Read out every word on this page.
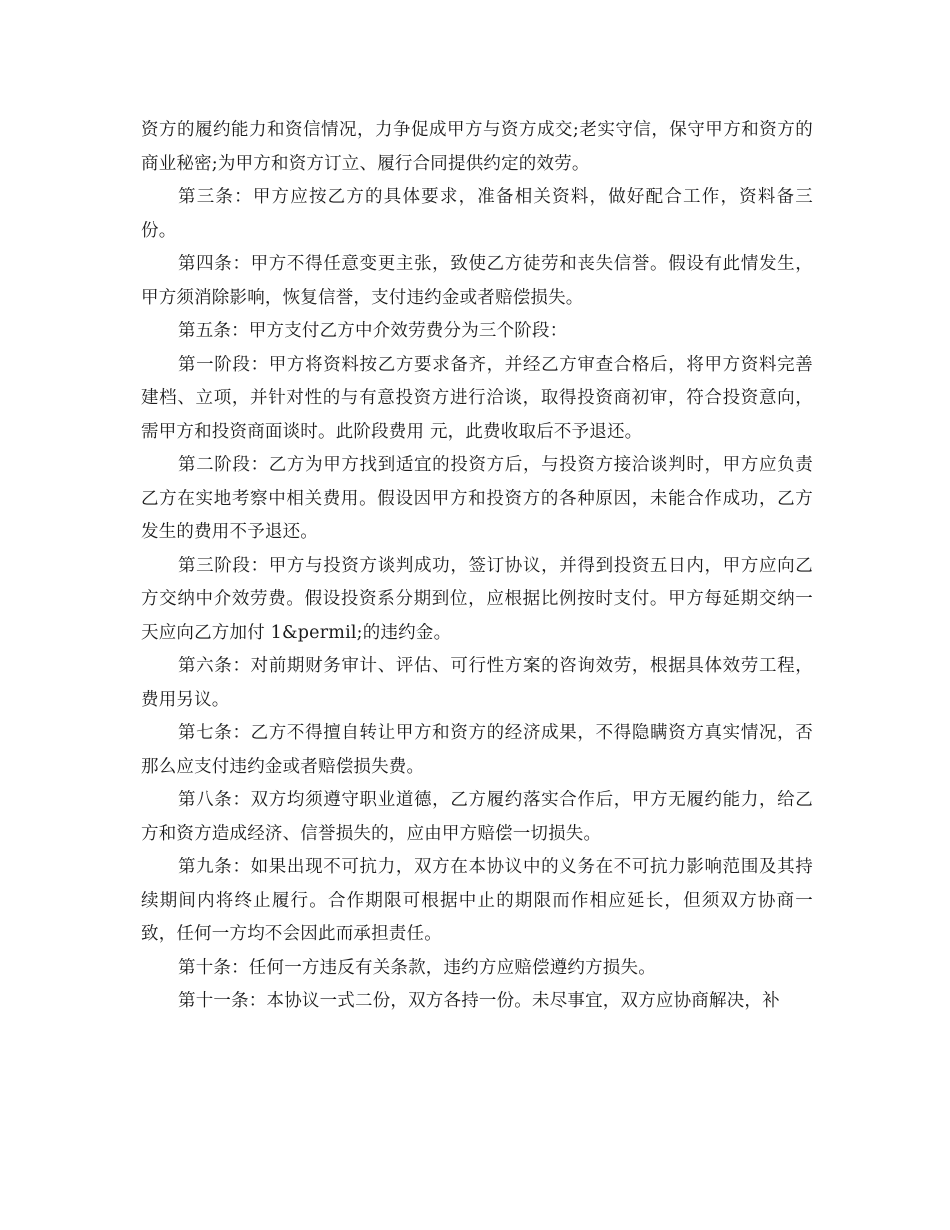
资方的履约能力和资信情况，力争促成甲方与资方成交;老实守信，保守甲方和资方的商业秘密;为甲方和资方订立、履行合同提供约定的效劳。

第三条：甲方应按乙方的具体要求，准备相关资料，做好配合工作，资料备三份。

第四条：甲方不得任意变更主张，致使乙方徒劳和丧失信誉。假设有此情发生，甲方须消除影响，恢复信誉，支付违约金或者赔偿损失。

第五条：甲方支付乙方中介效劳费分为三个阶段：

第一阶段：甲方将资料按乙方要求备齐，并经乙方审查合格后，将甲方资料完善建档、立项，并针对性的与有意投资方进行洽谈，取得投资商初审，符合投资意向，需甲方和投资商面谈时。此阶段费用 元，此费收取后不予退还。

第二阶段：乙方为甲方找到适宜的投资方后，与投资方接洽谈判时，甲方应负责乙方在实地考察中相关费用。假设因甲方和投资方的各种原因，未能合作成功，乙方发生的费用不予退还。

第三阶段：甲方与投资方谈判成功，签订协议，并得到投资五日内，甲方应向乙方交纳中介效劳费。假设投资系分期到位，应根据比例按时支付。甲方每延期交纳一天应向乙方加付 1&permil;的违约金。

第六条：对前期财务审计、评估、可行性方案的咨询效劳，根据具体效劳工程，费用另议。

第七条：乙方不得擅自转让甲方和资方的经济成果，不得隐瞒资方真实情况，否那么应支付违约金或者赔偿损失费。

第八条：双方均须遵守职业道德，乙方履约落实合作后，甲方无履约能力，给乙方和资方造成经济、信誉损失的，应由甲方赔偿一切损失。

第九条：如果出现不可抗力，双方在本协议中的义务在不可抗力影响范围及其持续期间内将终止履行。合作期限可根据中止的期限而作相应延长，但须双方协商一致，任何一方均不会因此而承担责任。

第十条：任何一方违反有关条款，违约方应赔偿遵约方损失。

第十一条：本协议一式二份，双方各持一份。未尽事宜，双方应协商解决，补
